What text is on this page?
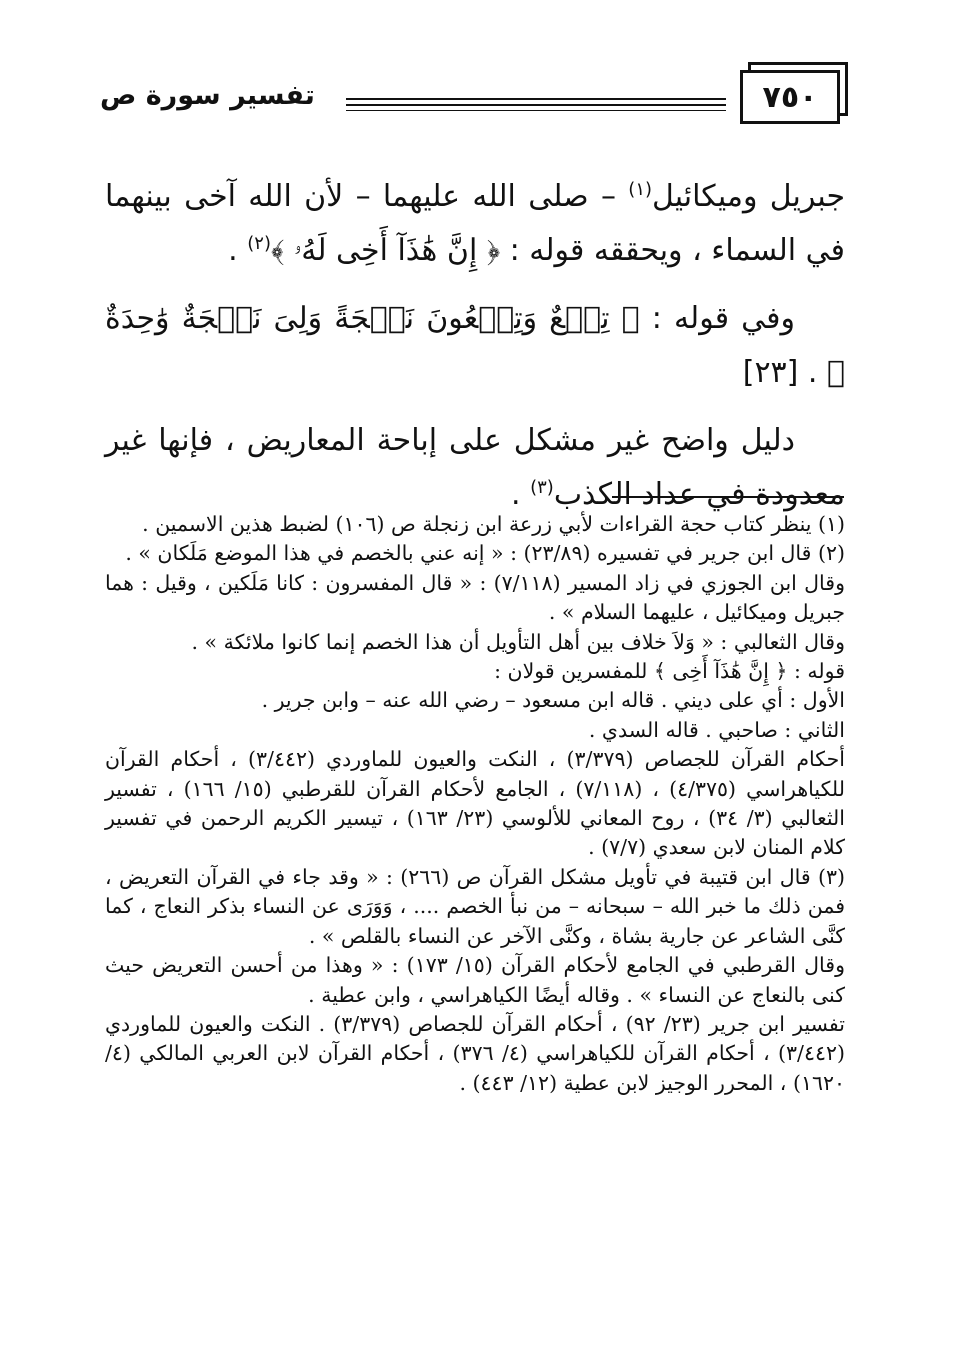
٧٥٠
تفسير سورة ص

جبريل وميكائيل$^{(١)}$ – صلى الله عليهما – لأن الله آخى بينهما في السماء ، ويحققه قوله : ﴿ إِنَّ هَٰذَآ أَخِى لَهُۥ ﴾$^{(٢)}$ .

وفي قوله : ﴿ تِسۡعٌ وَتِسۡعُونَ نَعۡجَةً وَلِىَ نَعۡجَةٌ وَٰحِدَةٌ ﴾ . [٢٣]

دليل واضح غير مشكل على إباحة المعاريض ، فإنها غير معدودة في عداد الكذب$^{(٣)}$ .

(١) ينظر كتاب حجة القراءات لأبي زرعة ابن زنجلة ص (١٠٦) لضبط هذين الاسمين .
(٢) قال ابن جرير في تفسيره (٢٣/٨٩) : « إنه عني بالخصم في هذا الموضع مَلَكان » .
وقال ابن الجوزي في زاد المسير (٧/١١٨) : « قال المفسرون : كانا مَلَكين ، وقيل : هما جبريل وميكائيل ، عليهما السلام » .
وقال الثعالبي : « وَلاَ خلاف بين أهل التأويل أن هذا الخصم إنما كانوا ملائكة » .
قوله : ﴿ إِنَّ هَٰذَآ أَخِى ﴾ للمفسرين قولان :
الأول : أي على ديني . قاله ابن مسعود – رضي الله عنه – وابن جرير .
الثاني : صاحبي . قاله السدي .
أحكام القرآن للجصاص (٣/٣٧٩) ، النكت والعيون للماوردي (٣/٤٤٢) ، أحكام القرآن للكياهراسي (٤/٣٧٥) ، (٧/١١٨) ، الجامع لأحكام القرآن للقرطبي (١٥/ ١٦٦) ، تفسير الثعالبي (٣/ ٣٤) ، روح المعاني للألوسي (٢٣/ ١٦٣) ، تيسير الكريم الرحمن في تفسير كلام المنان لابن سعدي (٧/٧) .
(٣) قال ابن قتيبة في تأويل مشكل القرآن ص (٢٦٦) : « وقد جاء في القرآن التعريض ، فمن ذلك ما خبر الله – سبحانه – من نبأ الخصم .... ، وَوَرَى عن النساء بذكر النعاج ، كما كنَّى الشاعر عن جارية بشاة ، وكنَّى الآخر عن النساء بالقلص » .
وقال القرطبي في الجامع لأحكام القرآن (١٥/ ١٧٣) : « وهذا من أحسن التعريض حيث كنى بالنعاج عن النساء » . وقاله أيضًا الكياهراسي ، وابن عطية .
تفسير ابن جرير (٢٣/ ٩٢) ، أحكام القرآن للجصاص (٣/٣٧٩) . النكت والعيون للماوردي (٣/٤٤٢) ، أحكام القرآن للكياهراسي (٤/ ٣٧٦) ، أحكام القرآن لابن العربي المالكي (٤/ ١٦٢٠) ، المحرر الوجيز لابن عطية (١٢/ ٤٤٣) .
